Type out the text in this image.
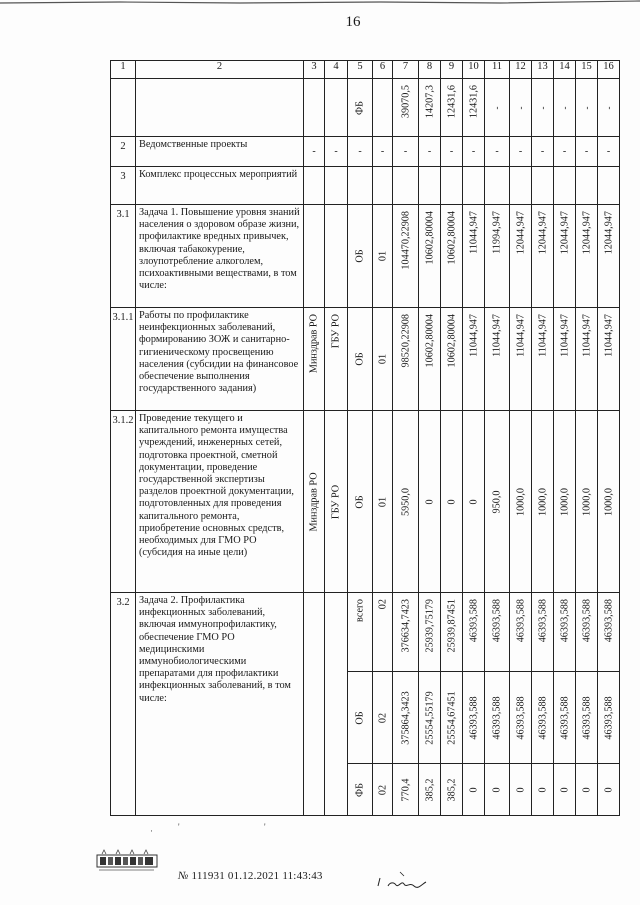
16
1	2	3	4	5	6	7	8	9	10	11	12	13	14	15	16

				ФБ		39070,5	14207,3	12431,6	12431,6	-	-	-	-	-	-

2	Ведомственные проекты	-	-	-	-	-	-	-	-	-	-	-	-	-	-
3	Комплекс процессных мероприятий														
3.1	Задача 1. Повышение уровня знаний населения о здоровом образе жизни, профилактике вредных привычек, включая табакокурение, злоупотребление алкоголем, психоактивными веществами, в том числе:			ОБ	01	104470,22908	10602,80004	10602,80004	11044,947	11994,947	12044,947	12044,947	12044,947	12044,947	12044,947

3.1.1	Работы по профилактике неинфекционных заболеваний, формированию ЗОЖ и санитарно-гигиеническому просвещению населения (субсидии на финансовое обеспечение выполнения государственного задания)	Минздрав РО	ГБУ РО	ОБ	01	98520,22908	10602,80004	10602,80004	11044,947	11044,947	11044,947	11044,947	11044,947	11044,947	11044,947

3.1.2	Проведение текущего и капитального ремонта имущества учреждений, инженерных сетей, подготовка проектной, сметной документации, проведение государственной экспертизы разделов проектной документации, подготовленных для проведения капитального ремонта, приобретение основных средств, необходимых для ГМО РО (субсидия на иные цели)	Минздрав РО	ГБУ РО	ОБ	01	5950,0	0	0	0	950,0	1000,0	1000,0	1000,0	1000,0	1000,0

3.2	Задача 2. Профилактика инфекционных заболеваний, включая иммунопрофилактику, обеспечение ГМО РО медицинскими иммунобиологическими препаратами для профилактики инфекционных заболеваний, в том числе:			всего	02	376634,7423	25939,75179	25939,87451	46393,588	46393,588	46393,588	46393,588	46393,588	46393,588	46393,588

				ОБ	02	375864,3423	25554,55179	25554,67451	46393,588	46393,588	46393,588	46393,588	46393,588	46393,588	46393,588

				ФБ	02	770,4	385,2	385,2	0	0	0	0	0	0	0
·	'	'
№ 111931 01.12.2021 11:43:43
